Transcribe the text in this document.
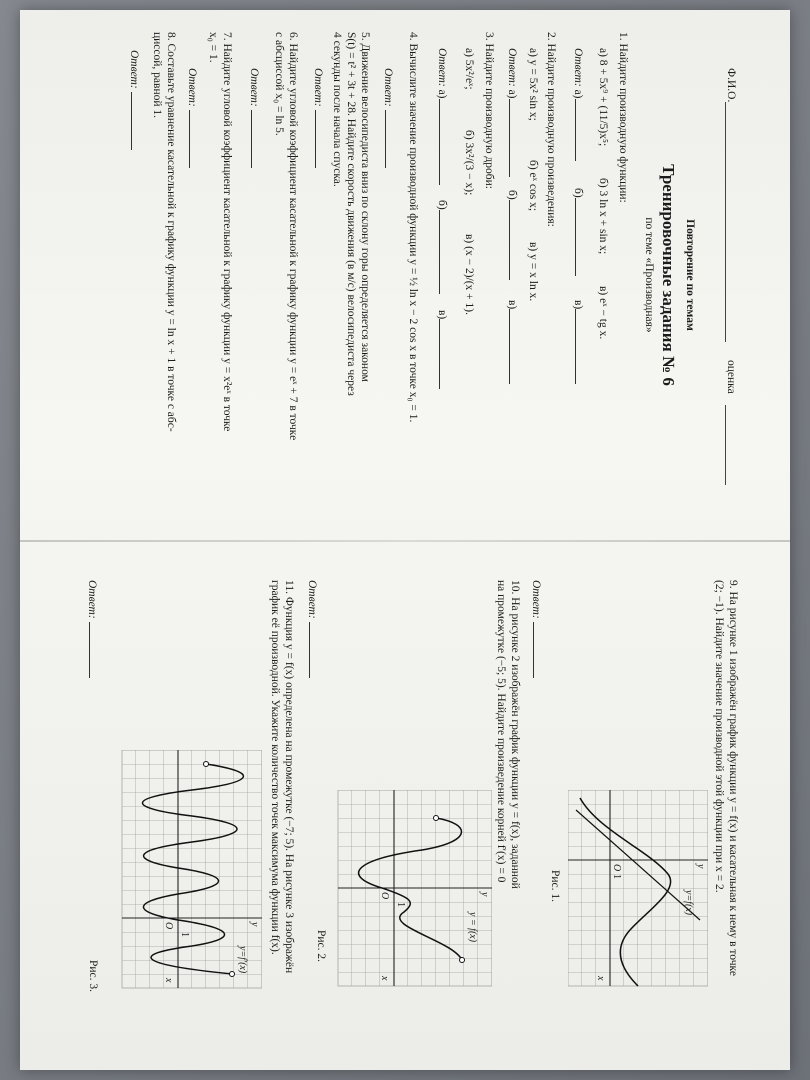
Ф.И.О.
оценка
Повторение по темам
Тренировочные задания № 6
по теме «Производная»
1. Найдите производную функции:
а) 8 + 5x⁹ + (11/5)x⁵;
б) 3 ln x + sin x;
в) eˣ − tg x.
Ответ: а)
б)
в)
2. Найдите производную произведения:
а) y = 5x² sin x;
б) eˣ cos x;
в) y = x ln x.
Ответ: а)
б)
в)
3. Найдите производную дроби:
а) 5x²/eˣ;
б) 3x²/(3 − x);
в) (x − 2)/(x + 1).
Ответ: а)
б)
в)
4. Вычислите значение производной функции y = ½ ln x − 2 cos x в точке x₀ = 1.
Ответ:
5. Движение велосипедиста вниз по склону горы определяется законом
S(t) = t² + 3t + 28. Найдите скорость движения (в м/с) велосипедиста через
4 секунды после начала спуска.
Ответ:
6. Найдите угловой коэффициент касательной к графику функции y = eˣ + 7 в точке
с абсциссой x₀ = ln 5.
Ответ:
7. Найдите угловой коэффициент касательной к графику функции y = x²eˣ в точке
x₀ = 1.
Ответ:
8. Составьте уравнение касательной к графику функции y = ln x + 1 в точке с абс-
циссой, равной 1.
Ответ:
9. На рисунке 1 изображён график функции y = f(x) и касательная к нему в точке
(2; −1). Найдите значение производной этой функции при x = 2.
O
1
x
y
y=f(x)
Рис. 1.
Ответ:
10. На рисунке 2 изображён график функции y = f(x), заданной
на промежутке (−5; 5). Найдите произведение корней f′(x) = 0
O
1
x
y
y = f(x)
Рис. 2.
Ответ:
11. Функция y = f(x) определена на промежутке (−7; 5). На рисунке 3 изображён
график её производной. Укажите количество точек максимума функции f(x).
O
1
x
y
y=f′(x)
Рис. 3.
Ответ:
